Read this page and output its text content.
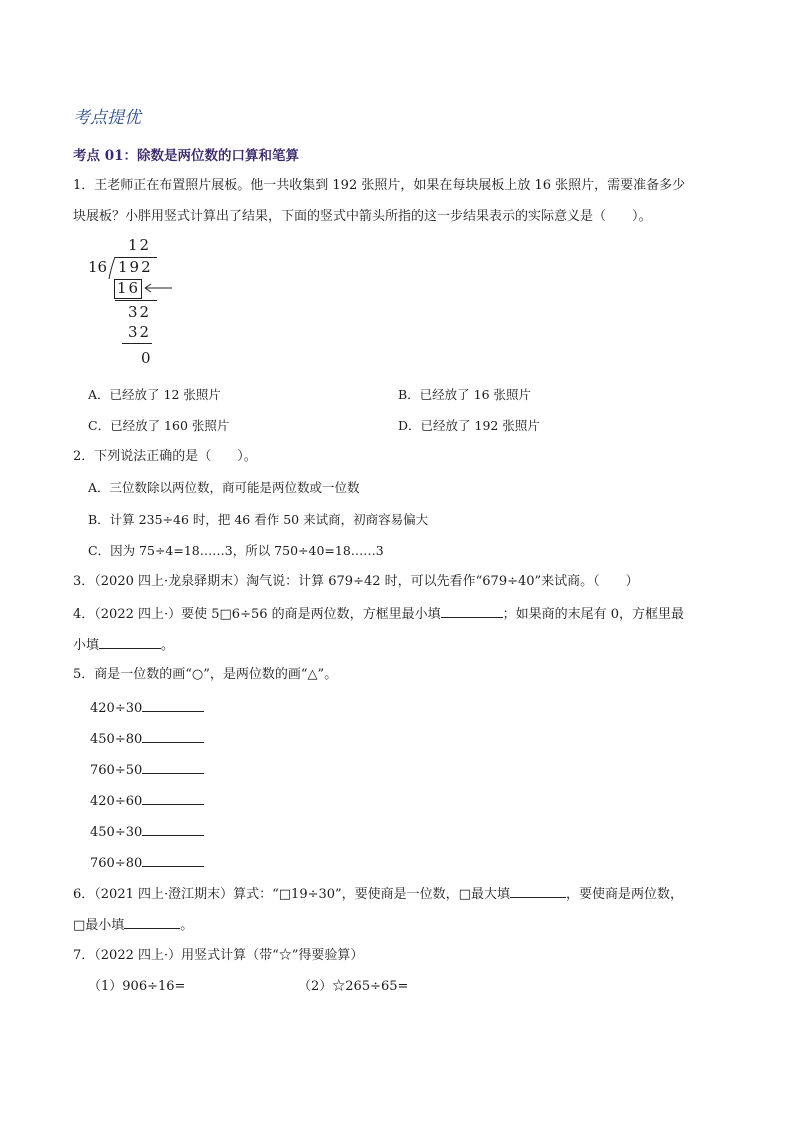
考点提优
考点 01：除数是两位数的口算和笔算
1．王老师正在布置照片展板。他一共收集到 192 张照片，如果在每块展板上放 16 张照片，需要准备多少
块展板？小胖用竖式计算出了结果，下面的竖式中箭头所指的这一步结果表示的实际意义是（　　）。
12
16 192
16
32
32
0
A．已经放了 12 张照片	B．已经放了 16 张照片
C．已经放了 160 张照片	D．已经放了 192 张照片
2．下列说法正确的是（　　）。
A．三位数除以两位数，商可能是两位数或一位数
B．计算 235÷46 时，把 46 看作 50 来试商，初商容易偏大
C．因为 75÷4=18……3，所以 750÷40=18……3
3．（2020 四上·龙泉驿期末）淘气说：计算 679÷42 时，可以先看作“679÷40”来试商。（　　）
4．（2022 四上·）要使 5□6÷56 的商是两位数，方框里最小填	；如果商的末尾有 0，方框里最
小填	。
5．商是一位数的画“○”，是两位数的画“△”。
420÷30
450÷80
760÷50
420÷60
450÷30
760÷80
6．（2021 四上·澄江期末）算式：“□19÷30”，要使商是一位数，□最大填	，要使商是两位数，
□最小填	。
7．（2022 四上·）用竖式计算（带“☆”得要验算）
（1）906÷16=	（2）☆265÷65=
